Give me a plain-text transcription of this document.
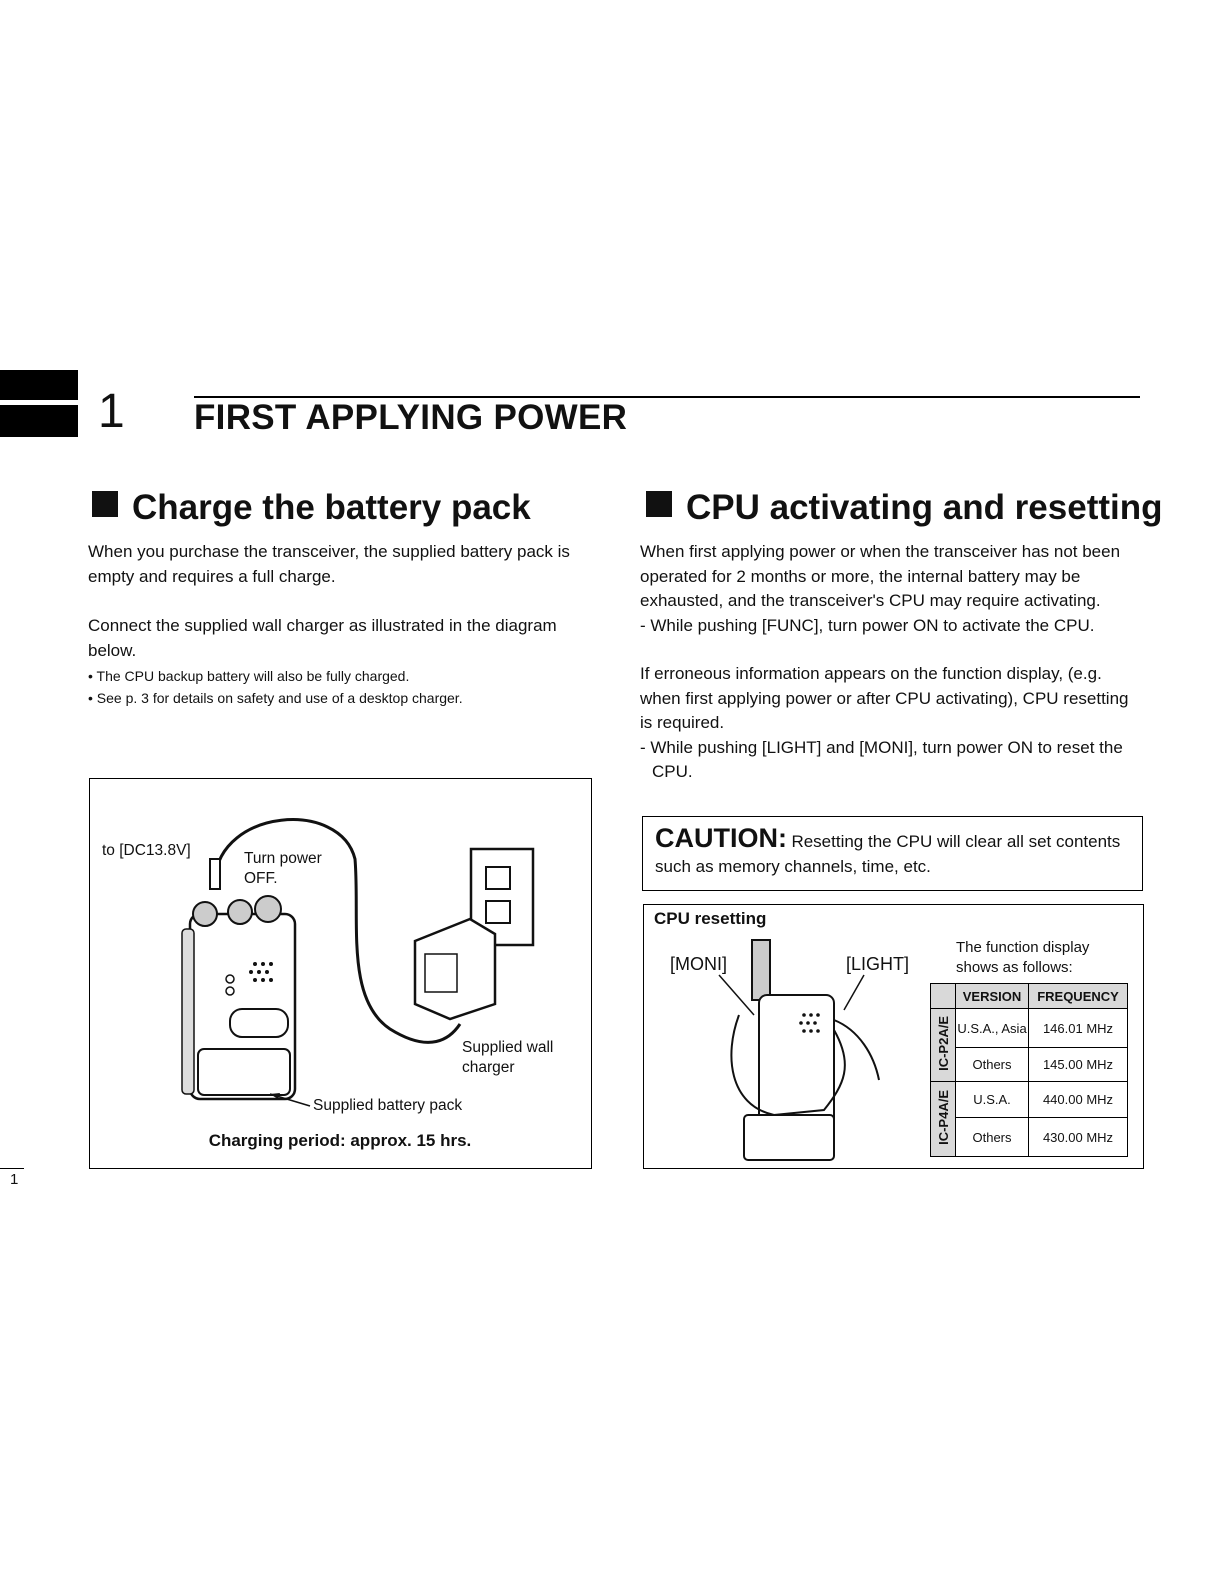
1 FIRST APPLYING POWER
Charge the battery pack

When you purchase the transceiver, the supplied battery pack is empty and requires a full charge.

Connect the supplied wall charger as illustrated in the diagram below.

• The CPU backup battery will also be fully charged.

• See p. 3 for details on safety and use of a desktop charger.

to [DC13.8V]	Turn power OFF.
Supplied wall charger
Supplied battery pack
Charging period: approx. 15 hrs.
CPU activating and resetting

When first applying power or when the transceiver has not been operated for 2 months or more, the internal battery may be exhausted, and the transceiver's CPU may require activating.

- While pushing [FUNC], turn power ON to activate the CPU.

If erroneous information appears on the function display, (e.g. when first applying power or after CPU activating), CPU resetting is required.

- While pushing [LIGHT] and [MONI], turn power ON to reset the CPU.

CAUTION: Resetting the CPU will clear all set contents such as memory channels, time, etc.
CPU resetting
[MONI]	[LIGHT]
The function display shows as follows:
	VERSION	FREQUENCY
IC-P2A/E	U.S.A., Asia	146.01 MHz
	Others	145.00 MHz
IC-P4A/E	U.S.A.	440.00 MHz
	Others	430.00 MHz
1
